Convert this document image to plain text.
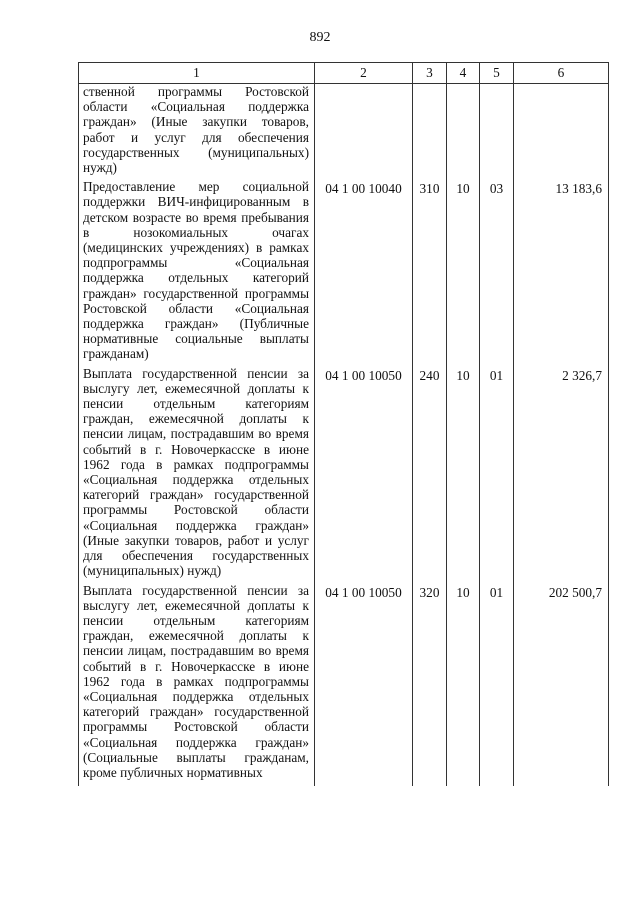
892
1	2	3	4	5	6
ственной программы Ростовской области «Социальная поддержка граждан» (Иные закупки товаров, работ и услуг для обеспечения государственных (муниципальных) нужд)					
Предоставление мер социальной поддержки ВИЧ-инфицированным в детском возрасте во время пребывания в нозокомиальных очагах (медицинских учреждениях) в рамках подпрограммы «Социальная поддержка отдельных категорий граждан» государственной программы Ростовской области «Социальная поддержка граждан» (Публичные нормативные социальные выплаты гражданам)	04 1 00 10040	310	10	03	13 183,6
Выплата государственной пенсии за выслугу лет, ежемесячной доплаты к пенсии отдельным категориям граждан, ежемесячной доплаты к пенсии лицам, пострадавшим во время событий в г. Новочеркасске в июне 1962 года в рамках подпрограммы «Социальная поддержка отдельных категорий граждан» государственной программы Ростовской области «Социальная поддержка граждан» (Иные закупки товаров, работ и услуг для обеспечения государственных (муниципальных) нужд)	04 1 00 10050	240	10	01	2 326,7
Выплата государственной пенсии за выслугу лет, ежемесячной доплаты к пенсии отдельным категориям граждан, ежемесячной доплаты к пенсии лицам, пострадавшим во время событий в г. Новочеркасске в июне 1962 года в рамках подпрограммы «Социальная поддержка отдельных категорий граждан» государственной программы Ростовской области «Социальная поддержка граждан» (Социальные выплаты гражданам, кроме публичных нормативных	04 1 00 10050	320	10	01	202 500,7
